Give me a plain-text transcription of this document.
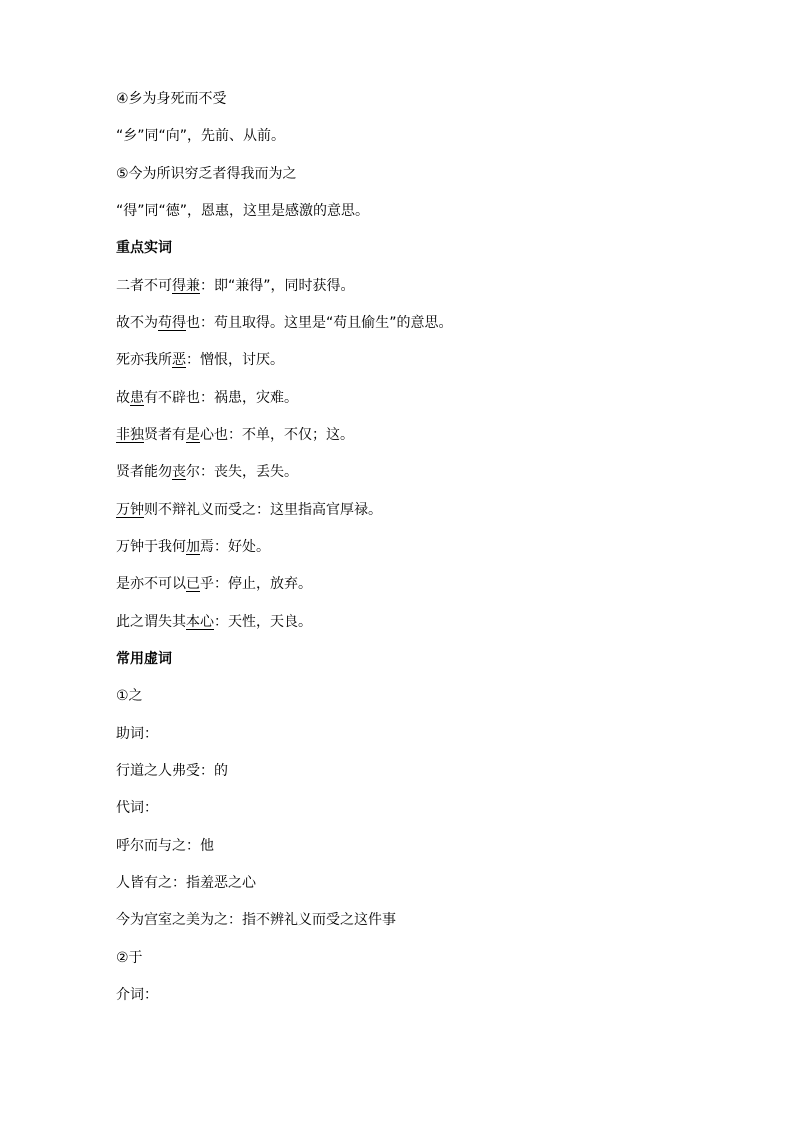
④乡为身死而不受
“乡”同“向”，先前、从前。
⑤今为所识穷乏者得我而为之
“得”同“德”，恩惠，这里是感激的意思。
重点实词
二者不可得兼：即“兼得”，同时获得。
故不为苟得也：苟且取得。这里是“苟且偷生”的意思。
死亦我所恶：憎恨，讨厌。
故患有不辟也：祸患，灾难。
非独贤者有是心也：不单，不仅；这。
贤者能勿丧尔：丧失，丢失。
万钟则不辩礼义而受之：这里指高官厚禄。
万钟于我何加焉：好处。
是亦不可以已乎：停止，放弃。
此之谓失其本心：天性，天良。
常用虚词
①之
助词：
行道之人弗受：的
代词：
呼尔而与之：他
人皆有之：指羞恶之心
今为宫室之美为之：指不辨礼义而受之这件事
②于
介词：
